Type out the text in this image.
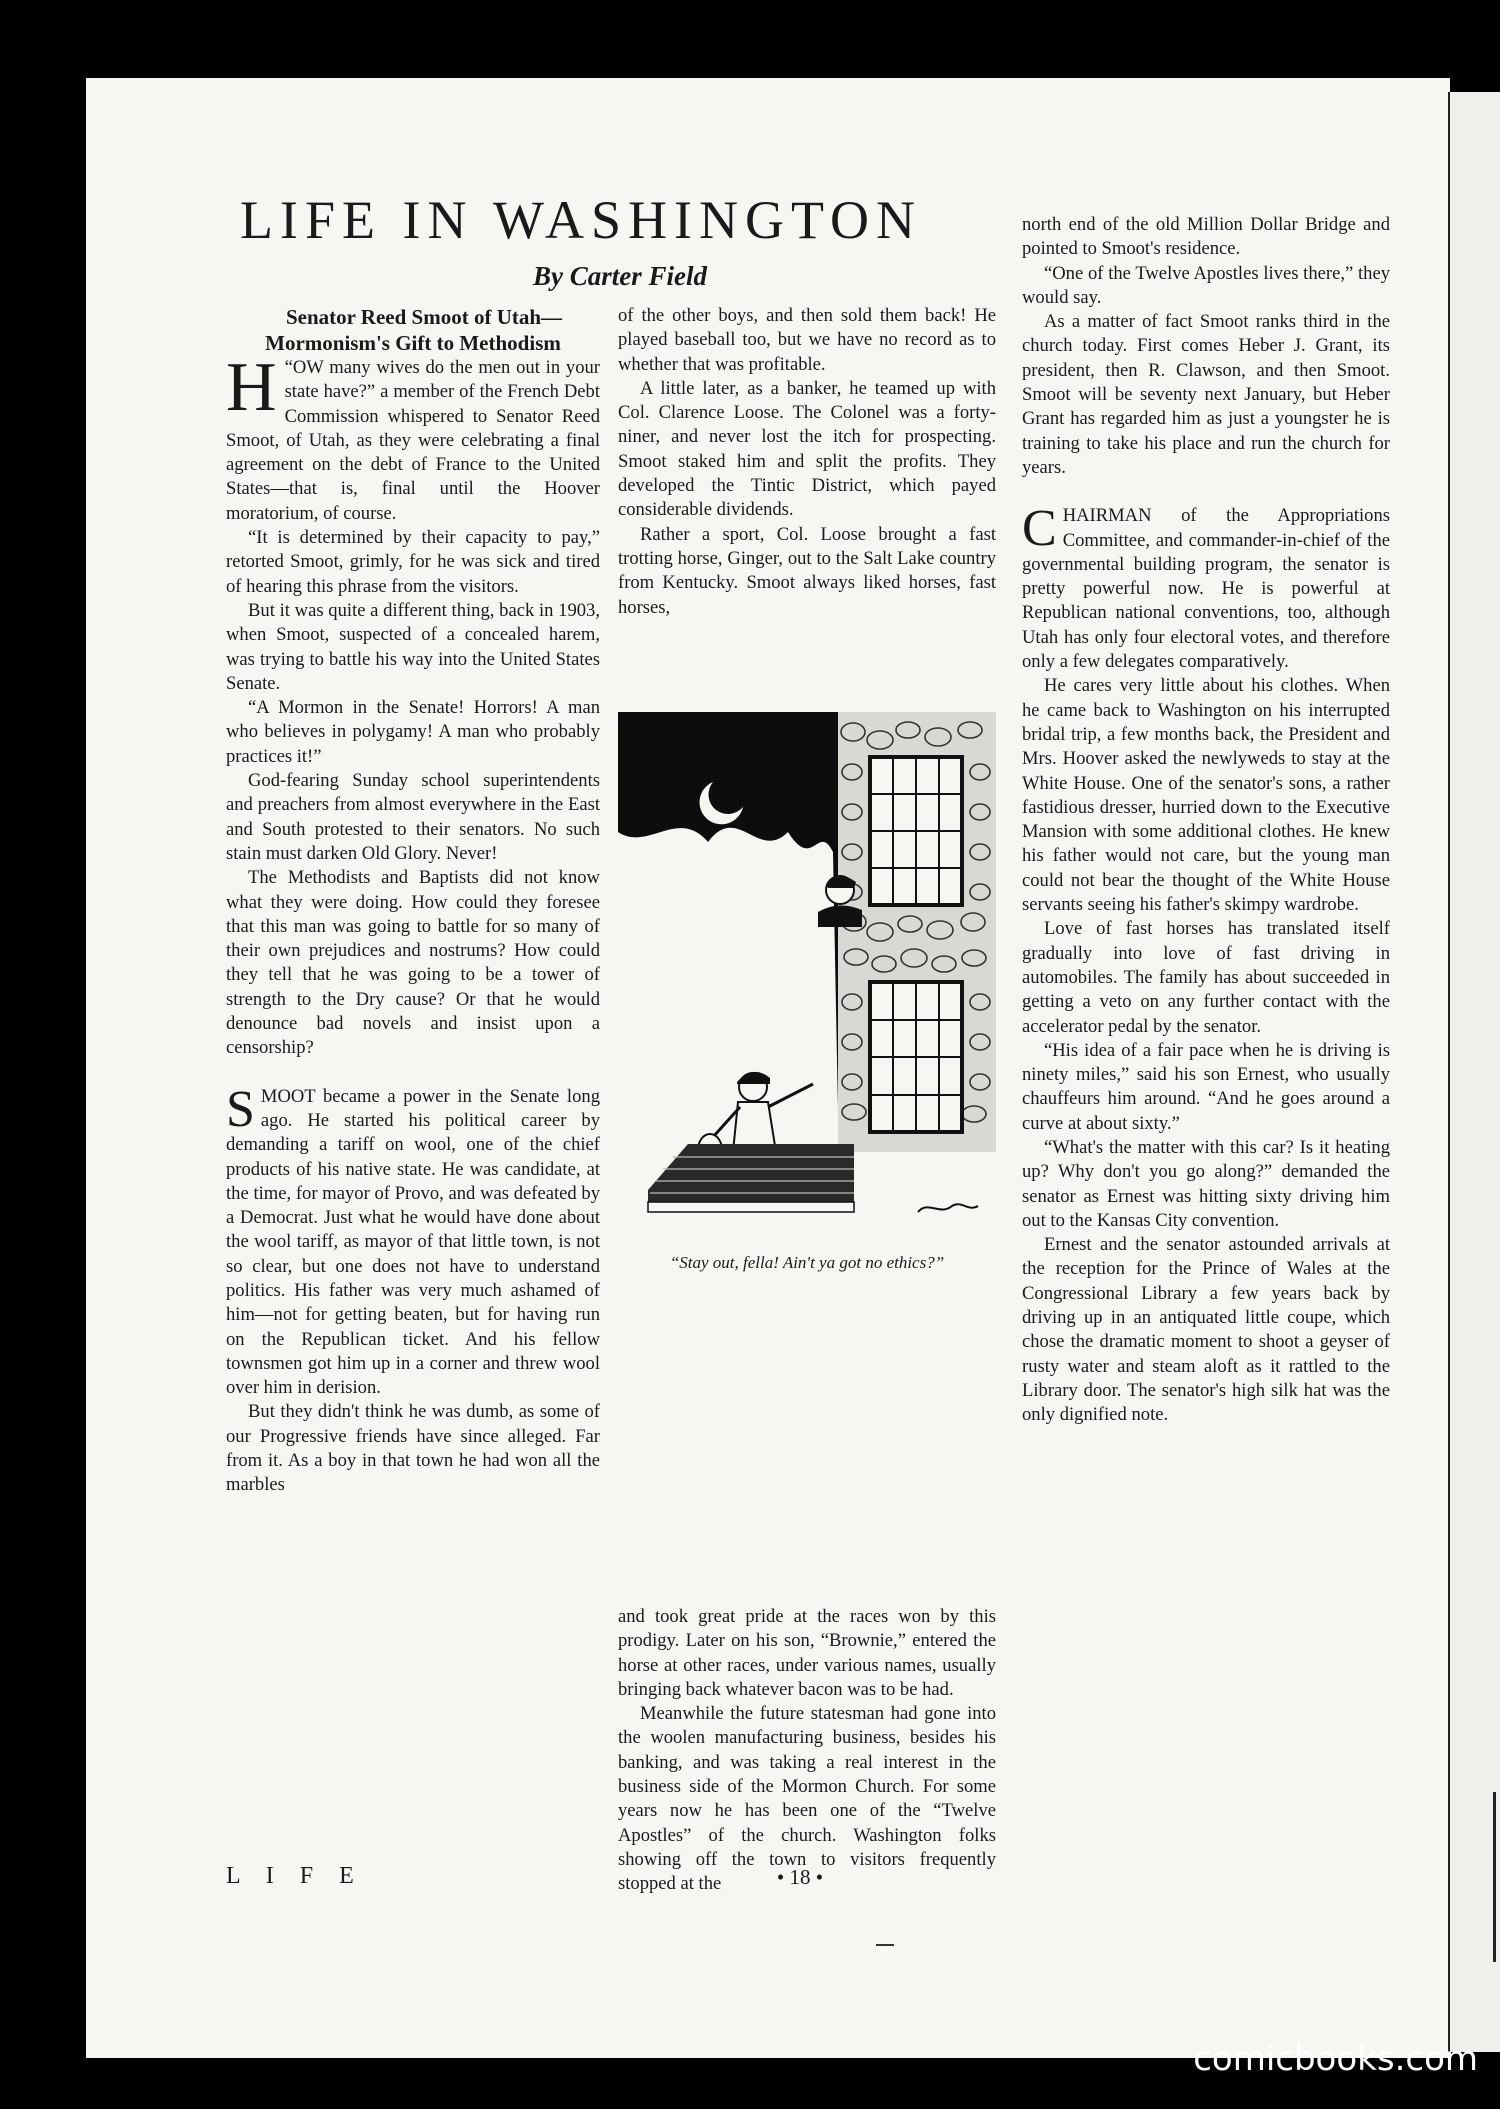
LIFE IN WASHINGTON

By Carter Field

Senator Reed Smoot of Utah—
Mormonism's Gift to Methodism

“
H OW many wives do the men out in your state have?” a member of the French Debt Commission whispered to Senator Reed Smoot, of Utah, as they were celebrating a final agreement on the debt of France to the United States—that is, final until the Hoover moratorium, of course.

“It is determined by their capacity to pay,” retorted Smoot, grimly, for he was sick and tired of hearing this phrase from the visitors.

But it was quite a different thing, back in 1903, when Smoot, suspected of a concealed harem, was trying to battle his way into the United States Senate.

“A Mormon in the Senate! Horrors! A man who believes in polygamy! A man who probably practices it!”

God-fearing Sunday school superintendents and preachers from almost everywhere in the East and South protested to their senators. No such stain must darken Old Glory. Never!

The Methodists and Baptists did not know what they were doing. How could they foresee that this man was going to battle for so many of their own prejudices and nostrums? How could they tell that he was going to be a tower of strength to the Dry cause? Or that he would denounce bad novels and insist upon a censorship?

SMOOT became a power in the Senate long ago. He started his political career by demanding a tariff on wool, one of the chief products of his native state. He was candidate, at the time, for mayor of Provo, and was defeated by a Democrat. Just what he would have done about the wool tariff, as mayor of that little town, is not so clear, but one does not have to understand politics. His father was very much ashamed of him—not for getting beaten, but for having run on the Republican ticket. And his fellow townsmen got him up in a corner and threw wool over him in derision.

But they didn't think he was dumb, as some of our Progressive friends have since alleged. Far from it. As a boy in that town he had won all the marbles

of the other boys, and then sold them back! He played baseball too, but we have no record as to whether that was profitable.

A little later, as a banker, he teamed up with Col. Clarence Loose. The Colonel was a forty-niner, and never lost the itch for prospecting. Smoot staked him and split the profits. They developed the Tintic District, which payed considerable dividends.

Rather a sport, Col. Loose brought a fast trotting horse, Ginger, out to the Salt Lake country from Kentucky. Smoot always liked horses, fast horses,

“Stay out, fella! Ain't ya got no ethics?”

and took great pride at the races won by this prodigy. Later on his son, “Brownie,” entered the horse at other races, under various names, usually bringing back whatever bacon was to be had.

Meanwhile the future statesman had gone into the woolen manufacturing business, besides his banking, and was taking a real interest in the business side of the Mormon Church. For some years now he has been one of the “Twelve Apostles” of the church. Washington folks showing off the town to visitors frequently stopped at the

north end of the old Million Dollar Bridge and pointed to Smoot's residence.

“One of the Twelve Apostles lives there,” they would say.

As a matter of fact Smoot ranks third in the church today. First comes Heber J. Grant, its president, then R. Clawson, and then Smoot. Smoot will be seventy next January, but Heber Grant has regarded him as just a youngster he is training to take his place and run the church for years.

CHAIRMAN of the Appropriations Committee, and commander-in-chief of the governmental building program, the senator is pretty powerful now. He is powerful at Republican national conventions, too, although Utah has only four electoral votes, and therefore only a few delegates comparatively.

He cares very little about his clothes. When he came back to Washington on his interrupted bridal trip, a few months back, the President and Mrs. Hoover asked the newlyweds to stay at the White House. One of the senator's sons, a rather fastidious dresser, hurried down to the Executive Mansion with some additional clothes. He knew his father would not care, but the young man could not bear the thought of the White House servants seeing his father's skimpy wardrobe.

Love of fast horses has translated itself gradually into love of fast driving in automobiles. The family has about succeeded in getting a veto on any further contact with the accelerator pedal by the senator.

“His idea of a fair pace when he is driving is ninety miles,” said his son Ernest, who usually chauffeurs him around. “And he goes around a curve at about sixty.”

“What's the matter with this car? Is it heating up? Why don't you go along?” demanded the senator as Ernest was hitting sixty driving him out to the Kansas City convention.

Ernest and the senator astounded arrivals at the reception for the Prince of Wales at the Congressional Library a few years back by driving up in an antiquated little coupe, which chose the dramatic moment to shoot a geyser of rusty water and steam aloft as it rattled to the Library door. The senator's high silk hat was the only dignified note.

L I F E	• 18 •

comicbooks.com
